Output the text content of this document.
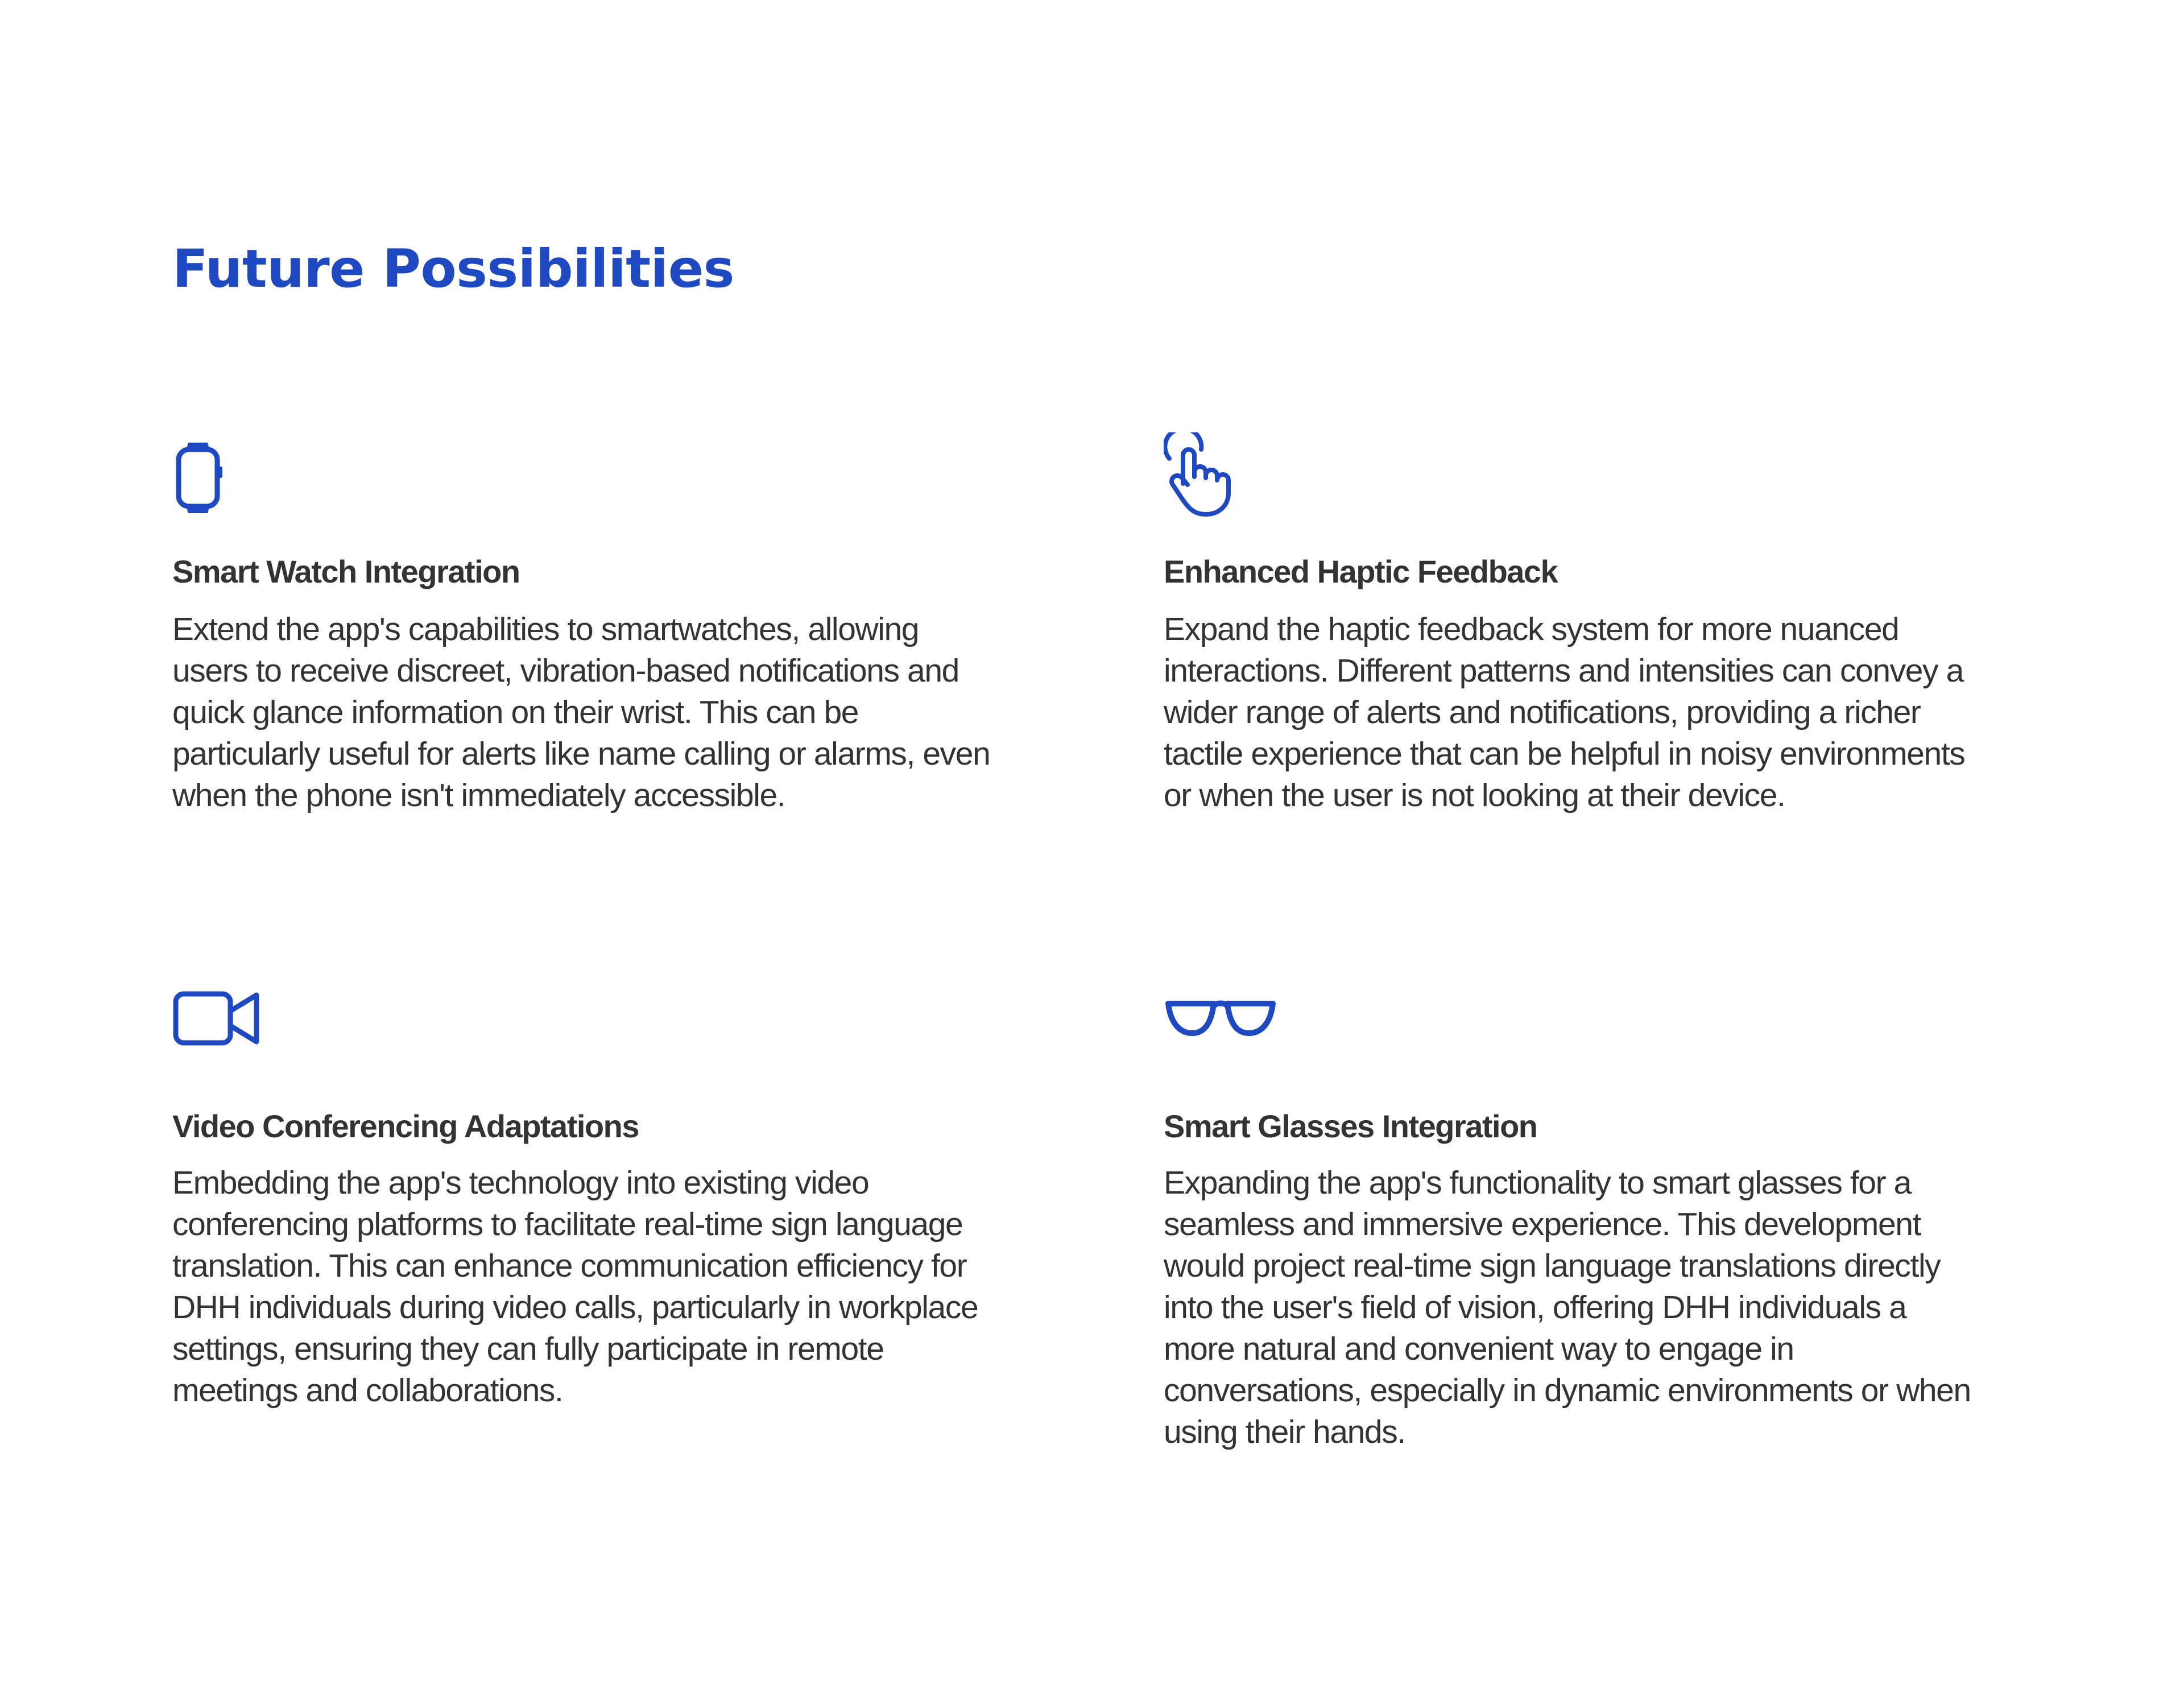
Future Possibilities
Smart Watch Integration

Extend the app's capabilities to smartwatches, allowing users to receive discreet, vibration-based notifications and quick glance information on their wrist. This can be particularly useful for alerts like name calling or alarms, even when the phone isn't immediately accessible.

Enhanced Haptic Feedback

Expand the haptic feedback system for more nuanced interactions. Different patterns and intensities can convey a wider range of alerts and notifications, providing a richer tactile experience that can be helpful in noisy environments or when the user is not looking at their device.

Video Conferencing Adaptations

Embedding the app's technology into existing video conferencing platforms to facilitate real-time sign language translation. This can enhance communication efficiency for DHH individuals during video calls, particularly in workplace settings, ensuring they can fully participate in remote meetings and collaborations.

Smart Glasses Integration

Expanding the app's functionality to smart glasses for a seamless and immersive experience. This development would project real-time sign language translations directly into the user's field of vision, offering DHH individuals a more natural and convenient way to engage in conversations, especially in dynamic environments or when using their hands.
